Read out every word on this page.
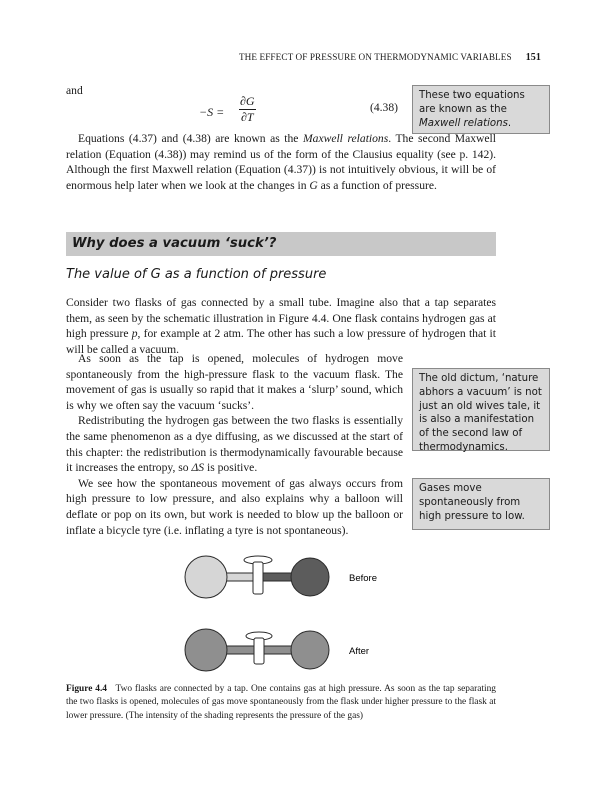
THE EFFECT OF PRESSURE ON THERMODYNAMIC VARIABLES 151
and
$-S = \frac{\partial G}{\partial T}$	(4.38)
These two equations are known as the Maxwell relations.

Equations (4.37) and (4.38) are known as the Maxwell relations. The second Maxwell relation (Equation (4.38)) may remind us of the form of the Clausius equality (see p. 142). Although the first Maxwell relation (Equation (4.37)) is not intuitively obvious, it will be of enormous help later when we look at the changes in G as a function of pressure.

Why does a vacuum ‘suck’?
The value of G as a function of pressure

Consider two flasks of gas connected by a small tube. Imagine also that a tap separates them, as seen by the schematic illustration in Figure 4.4. One flask contains hydrogen gas at high pressure p, for example at 2 atm. The other has such a low pressure of hydrogen that it will be called a vacuum.

As soon as the tap is opened, molecules of hydrogen move spontaneously from the high-pressure flask to the vacuum flask. The movement of gas is usually so rapid that it makes a ‘slurp’ sound, which is why we often say the vacuum ‘sucks’.

Redistributing the hydrogen gas between the two flasks is essentially the same phenomenon as a dye diffusing, as we discussed at the start of this chapter: the redistribution is thermodynamically favourable because it increases the entropy, so ΔS is positive.

We see how the spontaneous movement of gas always occurs from high pressure to low pressure, and also explains why a balloon will deflate or pop on its own, but work is needed to blow up the balloon or inflate a bicycle tyre (i.e. inflating a tyre is not spontaneous).

The old dictum, ‘nature abhors a vacuum’ is not just an old wives tale, it is also a manifestation of the second law of thermodynamics.
Gases move spontaneously from high pressure to low.
Before
After
Figure 4.4 Two flasks are connected by a tap. One contains gas at high pressure. As soon as the tap separating the two flasks is opened, molecules of gas move spontaneously from the flask under higher pressure to the flask at lower pressure. (The intensity of the shading represents the pressure of the gas)
